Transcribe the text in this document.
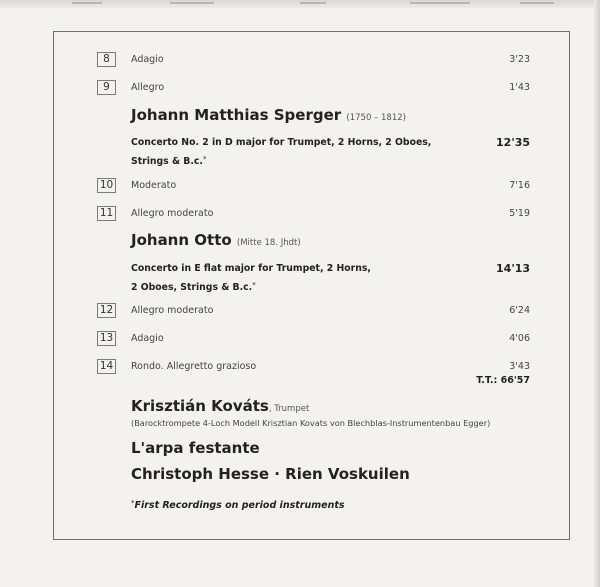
8	Adagio	3'23
9	Allegro	1'43
Johann Matthias Sperger (1750 – 1812)
Concerto No. 2 in D major for Trumpet, 2 Horns, 2 Oboes,
Strings & B.c.*
12'35
10 Moderato	7'16
11 Allegro moderato	5'19
Johann Otto (Mitte 18. Jhdt)
Concerto in E flat major for Trumpet, 2 Horns,
2 Oboes, Strings & B.c.*
14'13
12 Allegro moderato	6'24
13 Adagio	4'06
14 Rondo. Allegretto grazioso	3'43
T.T.: 66'57
Krisztián Kováts, Trumpet
(Barocktrompete 4-Loch Modell Krisztian Kovats von Blechblas-Instrumentenbau Egger)
L'arpa festante
Christoph Hesse · Rien Voskuilen
*First Recordings on period instruments
